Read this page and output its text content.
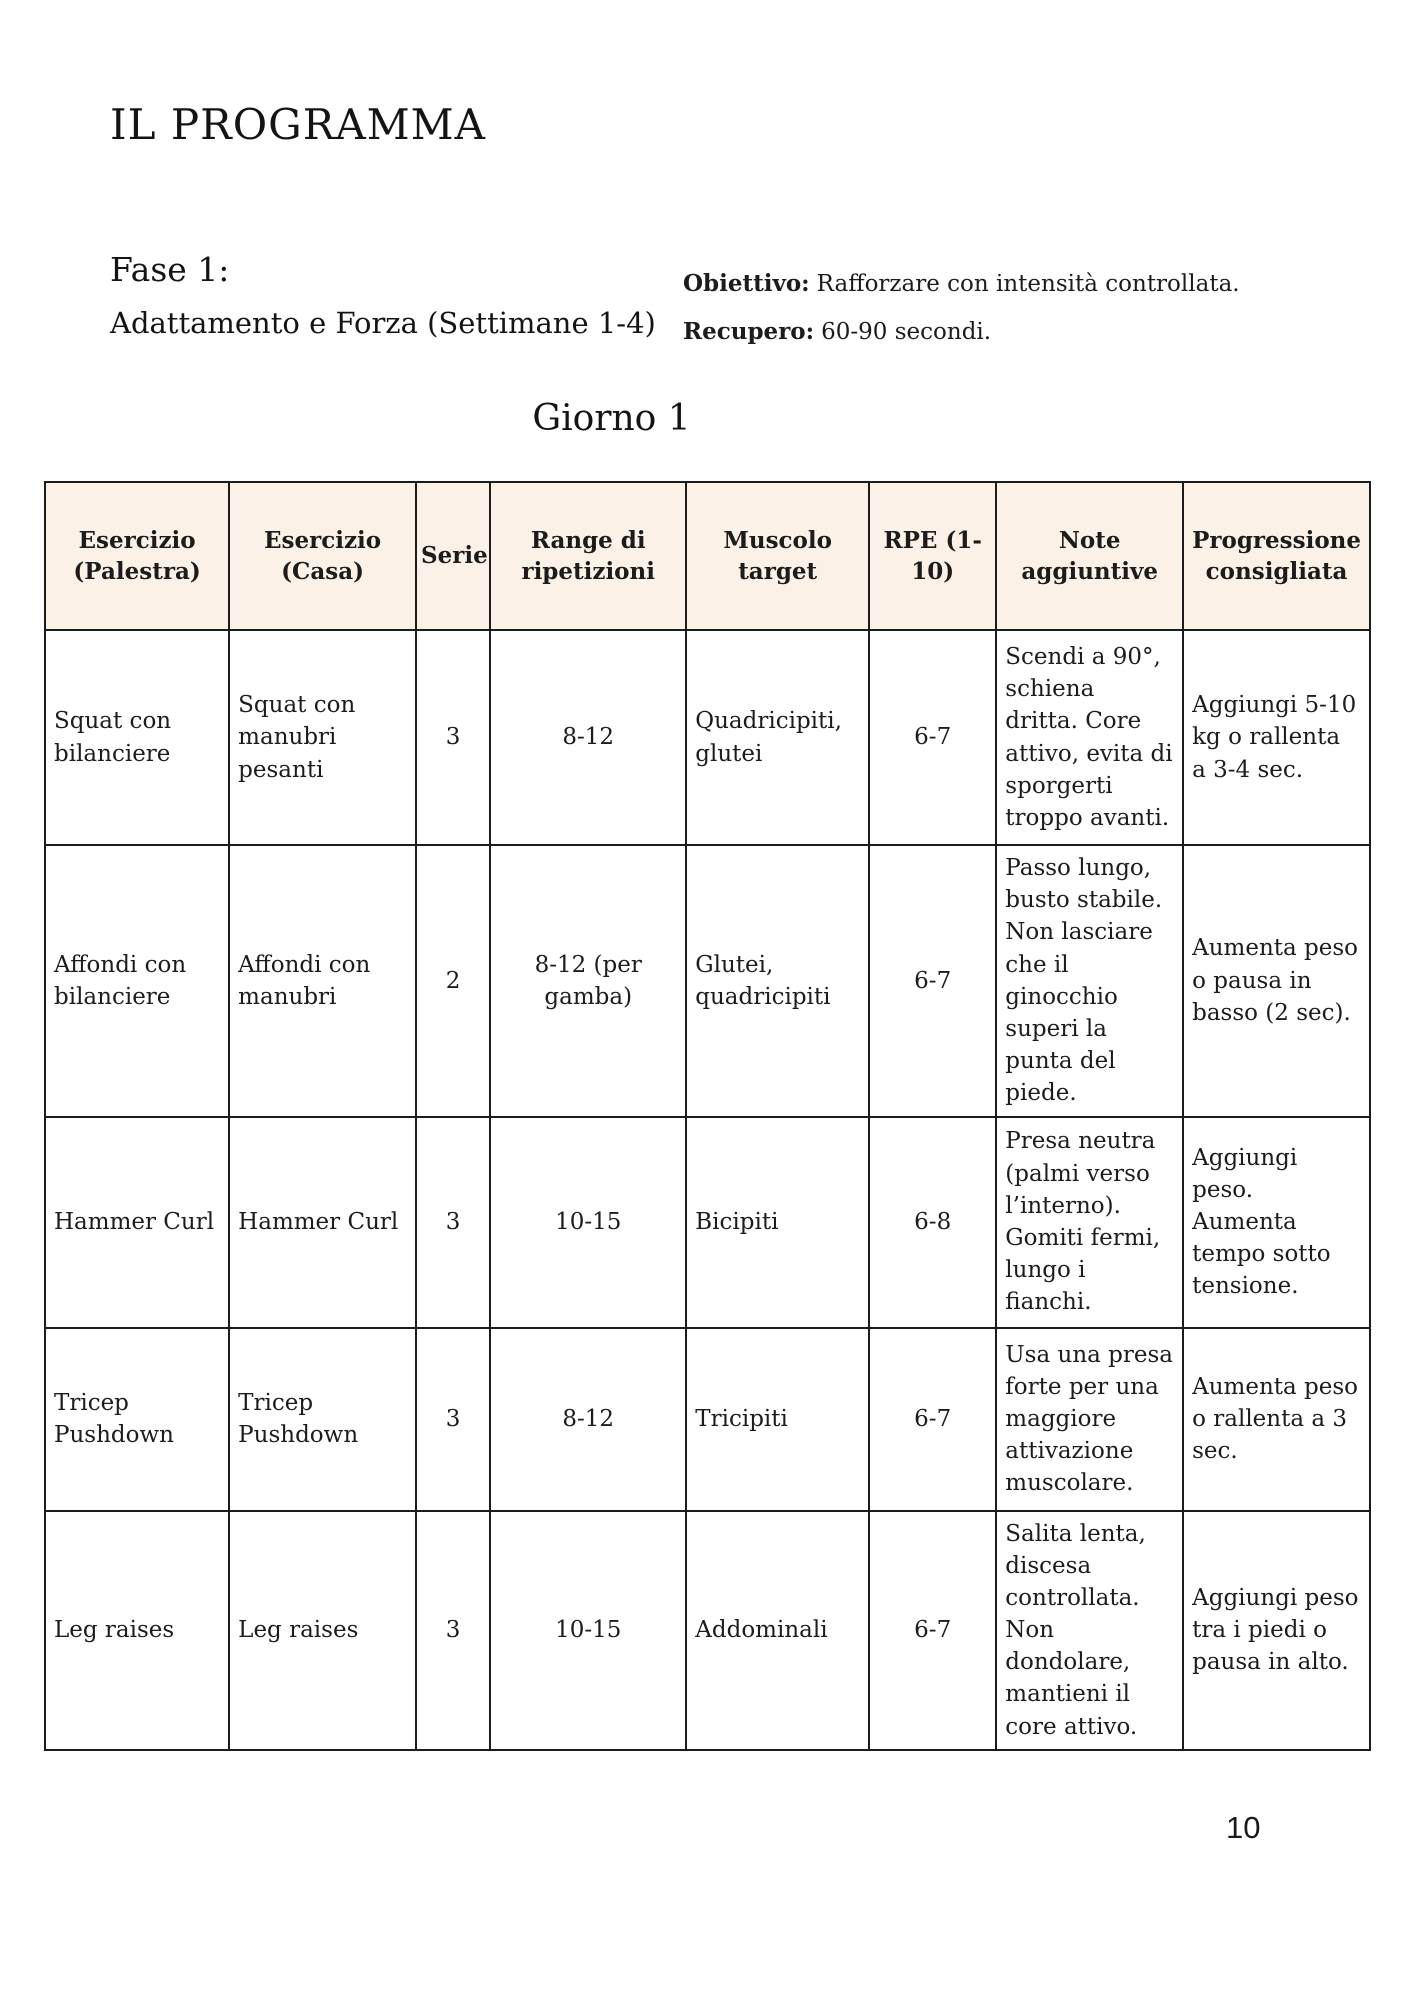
IL PROGRAMMA
Fase 1:
Adattamento e Forza (Settimane 1-4)

Obiettivo: Rafforzare con intensità controllata.

Recupero: 60-90 secondi.

Giorno 1
Esercizio (Palestra)	Esercizio (Casa)	Serie	Range di ripetizioni	Muscolo target	RPE (1-10)	Note aggiuntive	Progressione consigliata
Squat con bilanciere	Squat con manubri pesanti	3	8-12	Quadricipiti, glutei	6-7	Scendi a 90°, schiena dritta. Core attivo, evita di sporgerti troppo avanti.	Aggiungi 5-10 kg o rallenta a 3-4 sec.
Affondi con bilanciere	Affondi con manubri	2	8-12 (per gamba)	Glutei, quadricipiti	6-7	Passo lungo, busto stabile. Non lasciare che il ginocchio superi la punta del piede.	Aumenta peso o pausa in basso (2 sec).
Hammer Curl	Hammer Curl	3	10-15	Bicipiti	6-8	Presa neutra (palmi verso l’interno). Gomiti fermi, lungo i fianchi.	Aggiungi peso. Aumenta tempo sotto tensione.
Tricep Pushdown	Tricep Pushdown	3	8-12	Tricipiti	6-7	Usa una presa forte per una maggiore attivazione muscolare.	Aumenta peso o rallenta a 3 sec.
Leg raises	Leg raises	3	10-15	Addominali	6-7	Salita lenta, discesa controllata. Non dondolare, mantieni il core attivo.	Aggiungi peso tra i piedi o pausa in alto.
10
